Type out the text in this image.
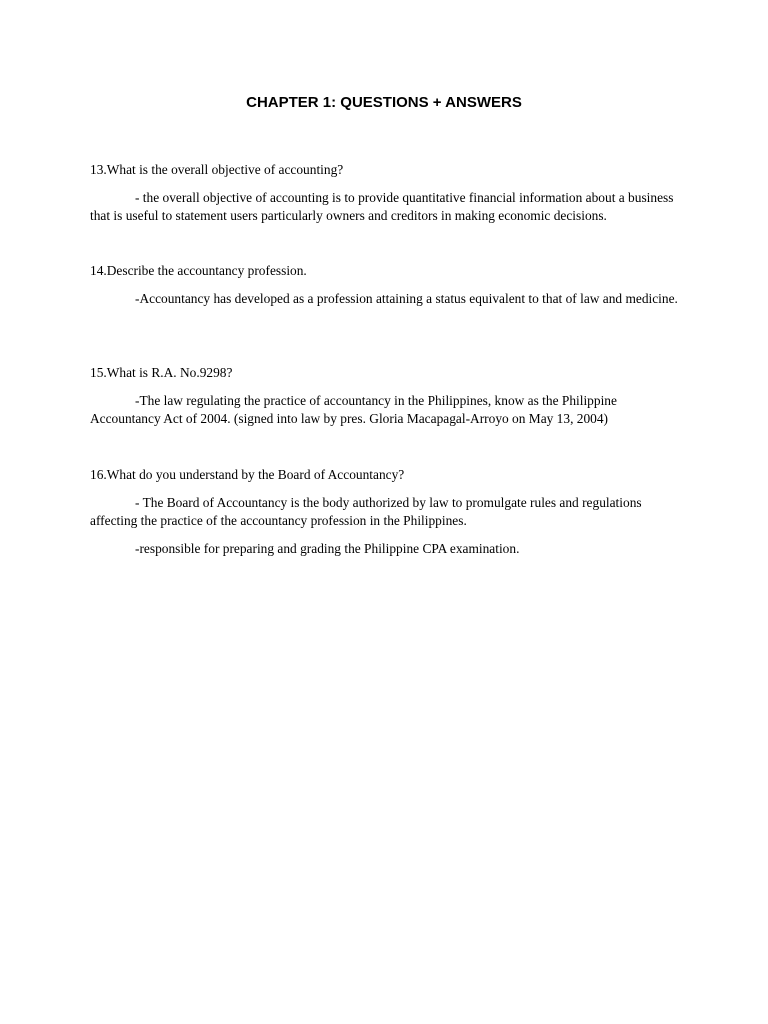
CHAPTER 1: QUESTIONS + ANSWERS

13.What is the overall objective of accounting?

- the overall objective of accounting is to provide quantitative financial information about a business that is useful to statement users particularly owners and creditors in making economic decisions.

14.Describe the accountancy profession.

-Accountancy has developed as a profession attaining a status equivalent to that of law and medicine.

15.What is R.A. No.9298?

-The law regulating the practice of accountancy in the Philippines, know as the Philippine Accountancy Act of 2004. (signed into law by pres. Gloria Macapagal-Arroyo on May 13, 2004)

16.What do you understand by the Board of Accountancy?

- The Board of Accountancy is the body authorized by law to promulgate rules and regulations affecting the practice of the accountancy profession in the Philippines.

-responsible for preparing and grading the Philippine CPA examination.
